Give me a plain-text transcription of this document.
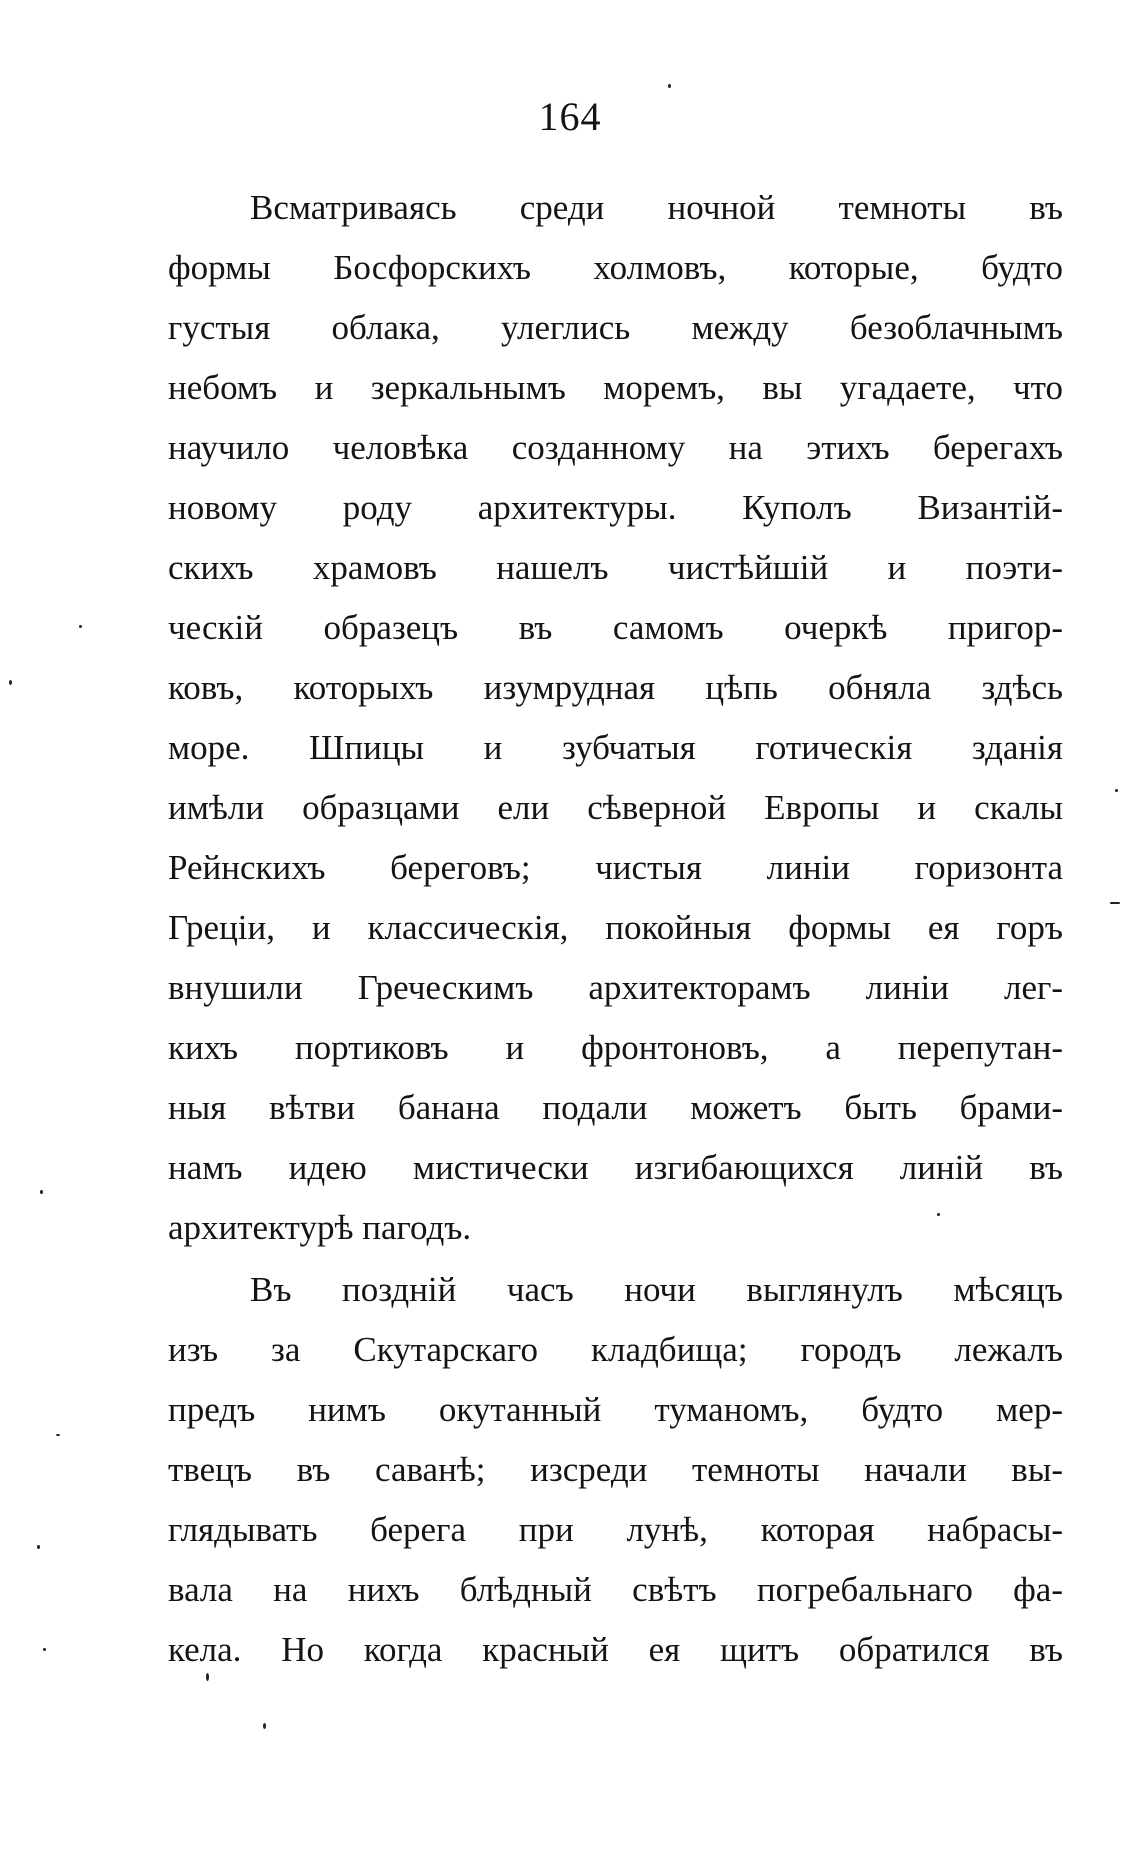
164
Всматриваясь среди ночной темноты въ
формы Босфорскихъ холмовъ, которые, будто
густыя облака, улеглись между безоблачнымъ
небомъ и зеркальнымъ моремъ, вы угадаете, что
научило человѣка созданному на этихъ берегахъ
новому роду архитектуры. Куполъ Византій-
скихъ храмовъ нашелъ чистѣйшій и поэти-
ческій образецъ въ самомъ очеркѣ пригор-
ковъ, которыхъ изумрудная цѣпь обняла здѣсь
море. Шпицы и зубчатыя готическія зданія
имѣли образцами ели сѣверной Европы и скалы
Рейнскихъ береговъ; чистыя линіи горизонта
Греціи, и классическія, покойныя формы ея горъ
внушили Греческимъ архитекторамъ линіи лег-
кихъ портиковъ и фронтоновъ, а перепутан-
ныя вѣтви банана подали можетъ быть брами-
намъ идею мистически изгибающихся линій въ
архитектурѣ пагодъ.
Въ поздній часъ ночи выглянулъ мѣсяцъ
изъ за Скутарскаго кладбища; городъ лежалъ
предъ нимъ окутанный туманомъ, будто мер-
твецъ въ саванѣ; изсреди темноты начали вы-
глядывать берега при лунѣ, которая набрасы-
вала на нихъ блѣдный свѣтъ погребальнаго фа-
кела. Но когда красный ея щитъ обратился въ
